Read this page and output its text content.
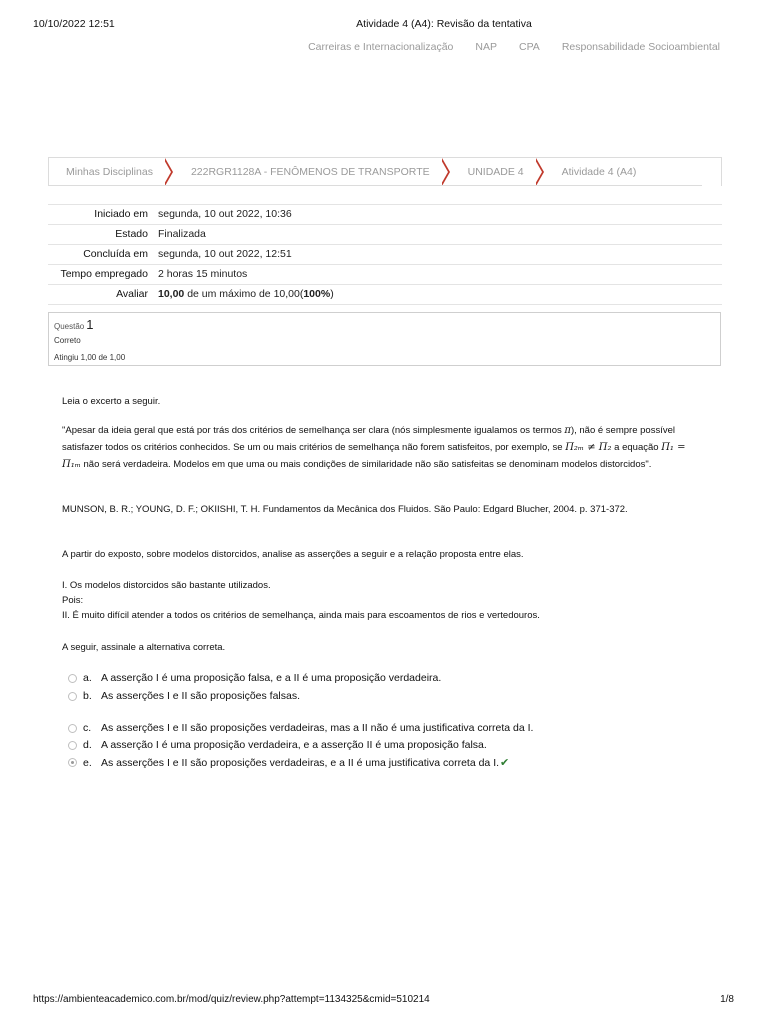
10/10/2022 12:51	Atividade 4 (A4): Revisão da tentativa
Carreiras e Internacionalização NAP CPA Responsabilidade Socioambiental
Minhas Disciplinas	222RGR1128A - FENÔMENOS DE TRANSPORTE	UNIDADE 4	Atividade 4 (A4)
Iniciado em	segunda, 10 out 2022, 10:36
Estado	Finalizada
Concluída em	segunda, 10 out 2022, 12:51
Tempo empregado	2 horas 15 minutos
Avaliar	10,00 de um máximo de 10,00(100%)
Questão 1
Correto
Atingiu 1,00 de 1,00
Leia o excerto a seguir.
"Apesar da ideia geral que está por trás dos critérios de semelhança ser clara (nós simplesmente igualamos os termos π), não é sempre possível satisfazer todos os critérios conhecidos. Se um ou mais critérios de semelhança não forem satisfeitos, por exemplo, se Π₂ₘ ≠ Π₂ a equação Π₁ = Π₁ₘ não será verdadeira. Modelos em que uma ou mais condições de similaridade não são satisfeitas se denominam modelos distorcidos".
MUNSON, B. R.; YOUNG, D. F.; OKIISHI, T. H. Fundamentos da Mecânica dos Fluidos. São Paulo: Edgard Blucher, 2004. p. 371-372.
A partir do exposto, sobre modelos distorcidos, analise as asserções a seguir e a relação proposta entre elas.
I. Os modelos distorcidos são bastante utilizados.
Pois:
II. É muito difícil atender a todos os critérios de semelhança, ainda mais para escoamentos de rios e vertedouros.
A seguir, assinale a alternativa correta.
a. A asserção I é uma proposição falsa, e a II é uma proposição verdadeira.
b. As asserções I e II são proposições falsas.
c. As asserções I e II são proposições verdadeiras, mas a II não é uma justificativa correta da I.
d. A asserção I é uma proposição verdadeira, e a asserção II é uma proposição falsa.
e. As asserções I e II são proposições verdadeiras, e a II é uma justificativa correta da I. ✔
https://ambienteacademico.com.br/mod/quiz/review.php?attempt=1134325&cmid=510214	1/8
